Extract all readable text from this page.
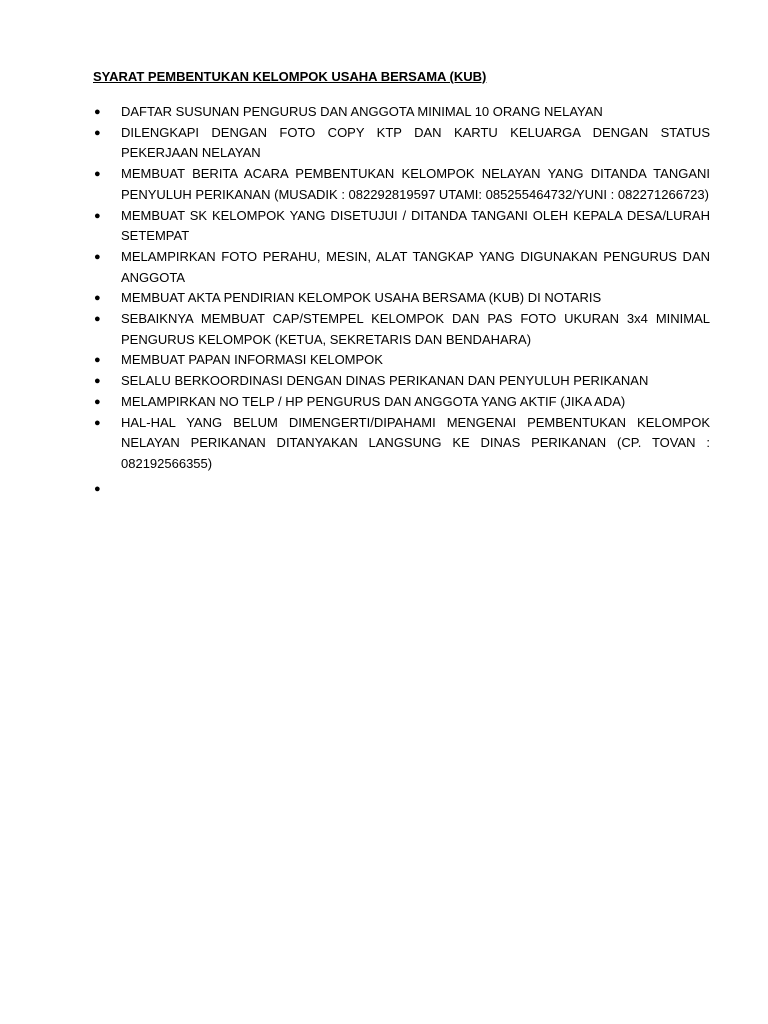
SYARAT PEMBENTUKAN KELOMPOK USAHA BERSAMA (KUB)
● DAFTAR SUSUNAN PENGURUS DAN ANGGOTA MINIMAL 10 ORANG NELAYAN
● DILENGKAPI DENGAN FOTO COPY KTP DAN KARTU KELUARGA DENGAN STATUS PEKERJAAN NELAYAN
● MEMBUAT BERITA ACARA PEMBENTUKAN KELOMPOK NELAYAN YANG DITANDA TANGANI PENYULUH PERIKANAN (MUSADIK : 082292819597 UTAMI: 085255464732/YUNI : 082271266723)
● MEMBUAT SK KELOMPOK YANG DISETUJUI / DITANDA TANGANI OLEH KEPALA DESA/LURAH SETEMPAT
● MELAMPIRKAN FOTO PERAHU, MESIN, ALAT TANGKAP YANG DIGUNAKAN PENGURUS DAN ANGGOTA
● MEMBUAT AKTA PENDIRIAN KELOMPOK USAHA BERSAMA (KUB) DI NOTARIS
● SEBAIKNYA MEMBUAT CAP/STEMPEL KELOMPOK DAN PAS FOTO UKURAN 3x4 MINIMAL PENGURUS KELOMPOK (KETUA, SEKRETARIS DAN BENDAHARA)
● MEMBUAT PAPAN INFORMASI KELOMPOK
● SELALU BERKOORDINASI DENGAN DINAS PERIKANAN DAN PENYULUH PERIKANAN
● MELAMPIRKAN NO TELP / HP PENGURUS DAN ANGGOTA YANG AKTIF (JIKA ADA)
● HAL-HAL YANG BELUM DIMENGERTI/DIPAHAMI MENGENAI PEMBENTUKAN KELOMPOK NELAYAN PERIKANAN DITANYAKAN LANGSUNG KE DINAS PERIKANAN (CP. TOVAN : 082192566355)
●
